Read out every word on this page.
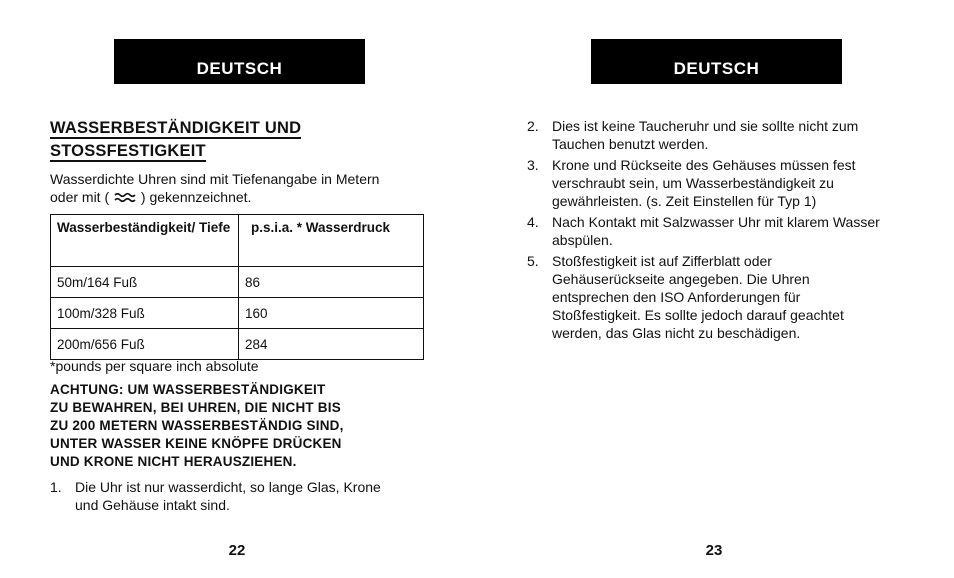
DEUTSCH
WASSERBESTÄNDIGKEIT UND
STOSSFESTIGKEIT
Wasserdichte Uhren sind mit Tiefenangabe in Metern
oder mit ( ) gekennzeichnet.
Wasserbeständigkeit/ Tiefe	p.s.i.a. * Wasserdruck
50m/164 Fuß	86
100m/328 Fuß	160
200m/656 Fuß	284
*pounds per square inch absolute
ACHTUNG: UM WASSERBESTÄNDIGKEIT
ZU BEWAHREN, BEI UHREN, DIE NICHT BIS
ZU 200 METERN WASSERBESTÄNDIG SIND,
UNTER WASSER KEINE KNÖPFE DRÜCKEN
UND KRONE NICHT HERAUSZIEHEN.
1. Die Uhr ist nur wasserdicht, so lange Glas, Krone und Gehäuse intakt sind.
22
DEUTSCH
2. Dies ist keine Taucheruhr und sie sollte nicht zum Tauchen benutzt werden.
3. Krone und Rückseite des Gehäuses müssen fest verschraubt sein, um Wasserbeständigkeit zu gewährleisten. (s. Zeit Einstellen für Typ 1)
4. Nach Kontakt mit Salzwasser Uhr mit klarem Wasser abspülen.
5. Stoßfestigkeit ist auf Zifferblatt oder Gehäuserückseite angegeben. Die Uhren entsprechen den ISO Anforderungen für Stoßfestigkeit. Es sollte jedoch darauf geachtet werden, das Glas nicht zu beschädigen.
23
